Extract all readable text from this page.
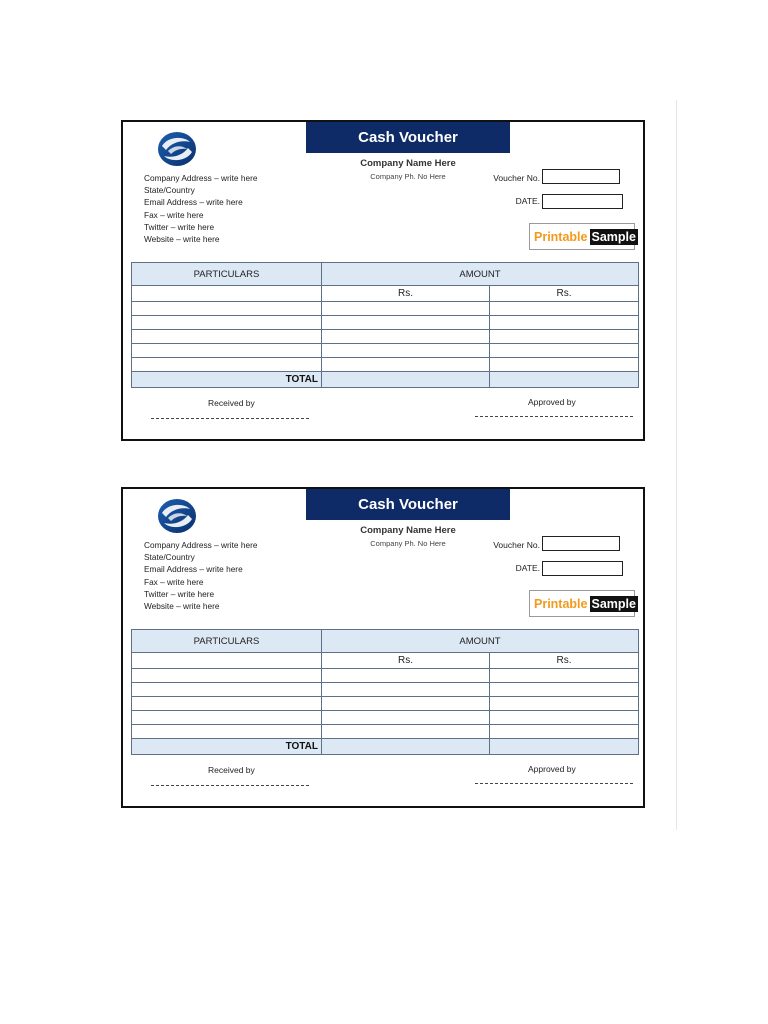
Company Address – write here
State/Country
Email Address – write here
Fax – write here
Twitter – write here
Website – write here
Cash Voucher
Company Name Here
Company Ph. No Here	Voucher No.
DATE.
Printable Sample
PARTICULARS	AMOUNT	
	Rs.	Rs.

TOTAL		
Received by	Approved by
Company Address – write here
State/Country
Email Address – write here
Fax – write here
Twitter – write here
Website – write here
Cash Voucher
Company Name Here
Company Ph. No Here	Voucher No.
DATE.
Printable Sample
PARTICULARS	AMOUNT	
	Rs.	Rs.

TOTAL		
Received by	Approved by
